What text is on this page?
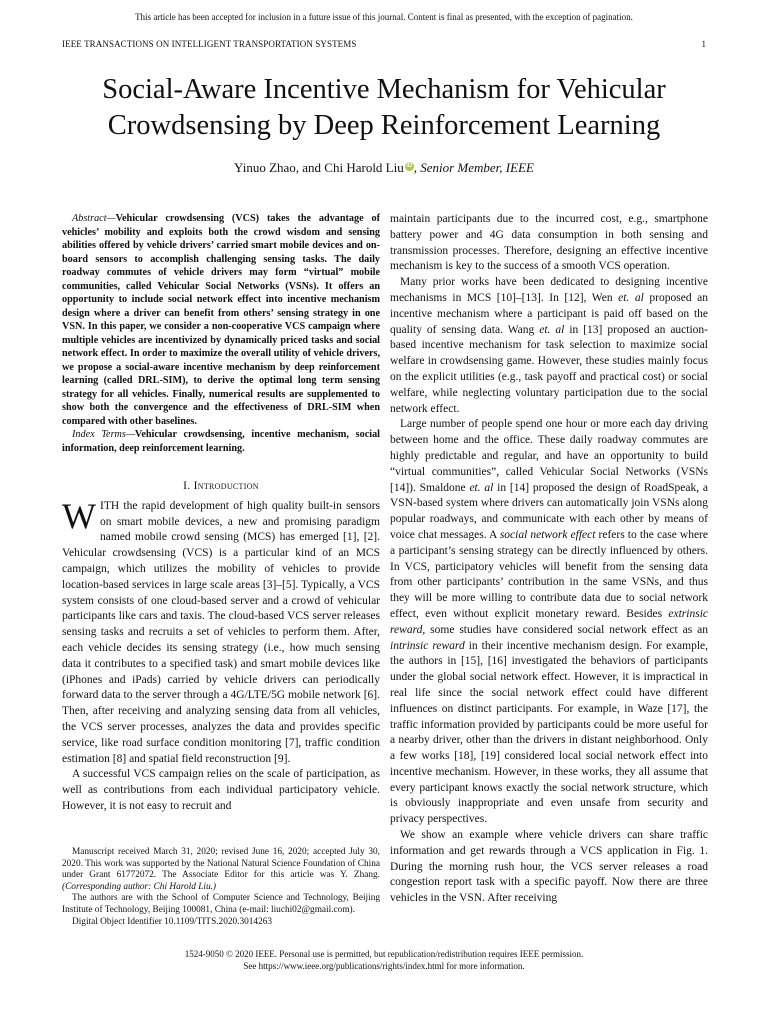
This article has been accepted for inclusion in a future issue of this journal. Content is final as presented, with the exception of pagination.
IEEE TRANSACTIONS ON INTELLIGENT TRANSPORTATION SYSTEMS	1
Social-Aware Incentive Mechanism for Vehicular Crowdsensing by Deep Reinforcement Learning
Yinuo Zhao, and Chi Harold Liu iD , Senior Member, IEEE

Abstract—Vehicular crowdsensing (VCS) takes the advantage of vehicles’ mobility and exploits both the crowd wisdom and sensing abilities offered by vehicle drivers’ carried smart mobile devices and on-board sensors to accomplish challenging sensing tasks. The daily roadway commutes of vehicle drivers may form “virtual” mobile communities, called Vehicular Social Networks (VSNs). It offers an opportunity to include social network effect into incentive mechanism design where a driver can benefit from others’ sensing strategy in one VSN. In this paper, we consider a non-cooperative VCS campaign where multiple vehicles are incentivized by dynamically priced tasks and social network effect. In order to maximize the overall utility of vehicle drivers, we propose a social-aware incentive mechanism by deep reinforcement learning (called DRL-SIM), to derive the optimal long term sensing strategy for all vehicles. Finally, numerical results are supplemented to show both the convergence and the effectiveness of DRL-SIM when compared with other baselines.

Index Terms—Vehicular crowdsensing, incentive mechanism, social information, deep reinforcement learning.

I. Introduction

WITH the rapid development of high quality built-in sensors on smart mobile devices, a new and promising paradigm named mobile crowd sensing (MCS) has emerged [1], [2]. Vehicular crowdsensing (VCS) is a particular kind of an MCS campaign, which utilizes the mobility of vehicles to provide location-based services in large scale areas [3]–[5]. Typically, a VCS system consists of one cloud-based server and a crowd of vehicular participants like cars and taxis. The cloud-based VCS server releases sensing tasks and recruits a set of vehicles to perform them. After, each vehicle decides its sensing strategy (i.e., how much sensing data it contributes to a specified task) and smart mobile devices like (iPhones and iPads) carried by vehicle drivers can periodically forward data to the server through a 4G/LTE/5G mobile network [6]. Then, after receiving and analyzing sensing data from all vehicles, the VCS server processes, analyzes the data and provides specific service, like road surface condition monitoring [7], traffic condition estimation [8] and spatial field reconstruction [9].

A successful VCS campaign relies on the scale of participation, as well as contributions from each individual participatory vehicle. However, it is not easy to recruit and

Manuscript received March 31, 2020; revised June 16, 2020; accepted July 30, 2020. This work was supported by the National Natural Science Foundation of China under Grant 61772072. The Associate Editor for this article was Y. Zhang. (Corresponding author: Chi Harold Liu.)

The authors are with the School of Computer Science and Technology, Beijing Institute of Technology, Beijing 100081, China (e-mail: liuchi02@gmail.com).

Digital Object Identifier 10.1109/TITS.2020.3014263

maintain participants due to the incurred cost, e.g., smartphone battery power and 4G data consumption in both sensing and transmission processes. Therefore, designing an effective incentive mechanism is key to the success of a smooth VCS operation.

Many prior works have been dedicated to designing incentive mechanisms in MCS [10]–[13]. In [12], Wen et. al proposed an incentive mechanism where a participant is paid off based on the quality of sensing data. Wang et. al in [13] proposed an auction-based incentive mechanism for task selection to maximize social welfare in crowdsensing game. However, these studies mainly focus on the explicit utilities (e.g., task payoff and practical cost) or social welfare, while neglecting voluntary participation due to the social network effect.

Large number of people spend one hour or more each day driving between home and the office. These daily roadway commutes are highly predictable and regular, and have an opportunity to build “virtual communities”, called Vehicular Social Networks (VSNs [14]). Smaldone et. al in [14] proposed the design of RoadSpeak, a VSN-based system where drivers can automatically join VSNs along popular roadways, and communicate with each other by means of voice chat messages. A social network effect refers to the case where a participant’s sensing strategy can be directly influenced by others. In VCS, participatory vehicles will benefit from the sensing data from other participants’ contribution in the same VSNs, and thus they will be more willing to contribute data due to social network effect, even without explicit monetary reward. Besides extrinsic reward, some studies have considered social network effect as an intrinsic reward in their incentive mechanism design. For example, the authors in [15], [16] investigated the behaviors of participants under the global social network effect. However, it is impractical in real life since the social network effect could have different influences on distinct participants. For example, in Waze [17], the traffic information provided by participants could be more useful for a nearby driver, other than the drivers in distant neighborhood. Only a few works [18], [19] considered local social network effect into incentive mechanism. However, in these works, they all assume that every participant knows exactly the social network structure, which is obviously inappropriate and even unsafe from security and privacy perspectives.

We show an example where vehicle drivers can share traffic information and get rewards through a VCS application in Fig. 1. During the morning rush hour, the VCS server releases a road congestion report task with a specific payoff. Now there are three vehicles in the VSN. After receiving

1524-9050 © 2020 IEEE. Personal use is permitted, but republication/redistribution requires IEEE permission.
See https://www.ieee.org/publications/rights/index.html for more information.
